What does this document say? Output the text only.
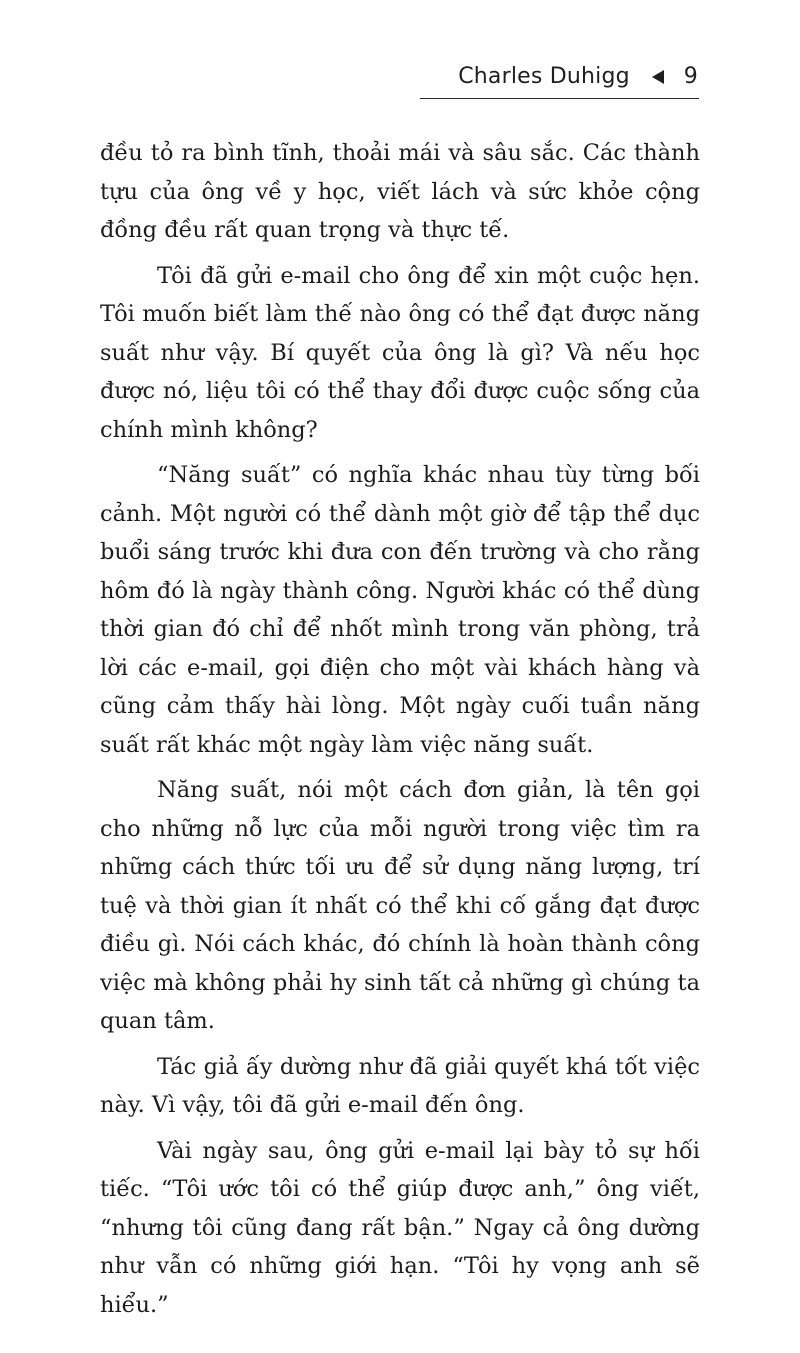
Charles Duhigg 9

đều tỏ ra bình tĩnh, thoải mái và sâu sắc. Các thành tựu của ông về y học, viết lách và sức khỏe cộng đồng đều rất quan trọng và thực tế.

Tôi đã gửi e-mail cho ông để xin một cuộc hẹn. Tôi muốn biết làm thế nào ông có thể đạt được năng suất như vậy. Bí quyết của ông là gì? Và nếu học được nó, liệu tôi có thể thay đổi được cuộc sống của chính mình không?

“Năng suất” có nghĩa khác nhau tùy từng bối cảnh. Một người có thể dành một giờ để tập thể dục buổi sáng trước khi đưa con đến trường và cho rằng hôm đó là ngày thành công. Người khác có thể dùng thời gian đó chỉ để nhốt mình trong văn phòng, trả lời các e-mail, gọi điện cho một vài khách hàng và cũng cảm thấy hài lòng. Một ngày cuối tuần năng suất rất khác một ngày làm việc năng suất.

Năng suất, nói một cách đơn giản, là tên gọi cho những nỗ lực của mỗi người trong việc tìm ra những cách thức tối ưu để sử dụng năng lượng, trí tuệ và thời gian ít nhất có thể khi cố gắng đạt được điều gì. Nói cách khác, đó chính là hoàn thành công việc mà không phải hy sinh tất cả những gì chúng ta quan tâm.

Tác giả ấy dường như đã giải quyết khá tốt việc này. Vì vậy, tôi đã gửi e-mail đến ông.

Vài ngày sau, ông gửi e-mail lại bày tỏ sự hối tiếc. “Tôi ước tôi có thể giúp được anh,” ông viết, “nhưng tôi cũng đang rất bận.” Ngay cả ông dường như vẫn có những giới hạn. “Tôi hy vọng anh sẽ hiểu.”
